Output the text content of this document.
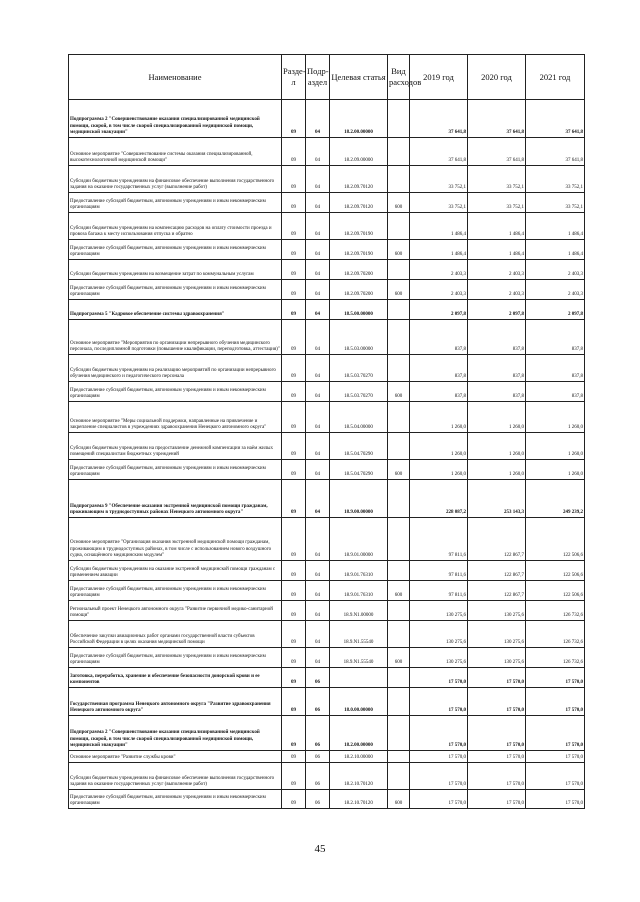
Наименование	Раздел	Подраздел	Целевая статья	Вид расходов	2019 год	2020 год	2021 год
Подпрограмма 2 "Совершенствование оказания специализированной медицинской помощи, скорой, в том числе скорой специализированной медицинской помощи, медицинской эвакуации"	09	04	18.2.00.00000		37 641,8	37 641,8	37 641,8
Основное мероприятие "Совершенствование системы оказания специализированной, высокотехнологичной медицинской помощи"	09	04	18.2.09.00000		37 641,8	37 641,8	37 641,8
Субсидии бюджетным учреждениям на финансовое обеспечение выполнения государственного задания на оказание государственных услуг (выполнение работ)	09	04	18.2.09.70120		33 752,1	33 752,1	33 752,1
Предоставление субсидий бюджетным, автономным учреждениям и иным некоммерческим организациям	09	04	18.2.09.70120	600	33 752,1	33 752,1	33 752,1
Субсидии бюджетным учреждениям на компенсацию расходов на оплату стоимости проезда и провоза багажа к месту использования отпуска и обратно	09	04	18.2.09.70190		1 486,4	1 486,4	1 486,4
Предоставление субсидий бюджетным, автономным учреждениям и иным некоммерческим организациям	09	04	18.2.09.70190	600	1 486,4	1 486,4	1 486,4
Субсидии бюджетным учреждениям на возмещение затрат по коммунальным услугам	09	04	18.2.09.70200		2 403,3	2 403,3	2 403,3
Предоставление субсидий бюджетным, автономным учреждениям и иным некоммерческим организациям	09	04	18.2.09.70200	600	2 403,3	2 403,3	2 403,3
Подпрограмма 5 "Кадровое обеспечение системы здравоохранения"	09	04	18.5.00.00000		2 097,8	2 097,8	2 097,8
Основное мероприятие "Мероприятия по организации непрерывного обучения медицинского персонала, последипломной подготовки (повышение квалификации, переподготовка, аттестация)"	09	04	18.5.03.00000		837,8	837,8	837,8
Субсидии бюджетным учреждениям на реализацию мероприятий по организации непрерывного обучения медицинского и педагогического персонала	09	04	18.5.03.70270		837,8	837,8	837,8
Предоставление субсидий бюджетным, автономным учреждениям и иным некоммерческим организациям	09	04	18.5.03.70270	600	837,8	837,8	837,8
Основное мероприятие "Меры социальной поддержки, направленные на привлечение и закрепление специалистов в учреждениях здравоохранения Ненецкого автономного округа"	09	04	18.5.04.00000		1 260,0	1 260,0	1 260,0
Субсидии бюджетным учреждениям на предоставление денежной компенсации за наём жилых помещений специалистам бюджетных учреждений	09	04	18.5.04.70290		1 260,0	1 260,0	1 260,0
Предоставление субсидий бюджетным, автономным учреждениям и иным некоммерческим организациям	09	04	18.5.04.70290	600	1 260,0	1 260,0	1 260,0
Подпрограмма 9 "Обеспечение оказания экстренной медицинской помощи гражданам, проживающим в труднодоступных районах Ненецкого автономного округа"	09	04	18.9.00.00000		228 087,2	253 143,3	249 239,2
Основное мероприятие "Организация оказания экстренной медицинской помощи гражданам, проживающим в труднодоступных районах, в том числе с использованием нового воздушного судна, оснащённого медицинским модулем"	09	04	18.9.01.00000		97 811,6	122 867,7	122 506,6
Субсидии бюджетным учреждениям на оказание экстренной медицинской помощи гражданам с применением авиации	09	04	18.9.01.76310		97 811,6	122 867,7	122 506,6
Предоставление субсидий бюджетным, автономным учреждениям и иным некоммерческим организациям	09	04	18.9.01.76310	600	97 811,6	122 867,7	122 506,6
Региональный проект Ненецкого автономного округа "Развитие первичной медико-санитарной помощи"	09	04	18.9.N1.00000		130 275,6	130 275,6	126 732,6
Обеспечение закупки авиационных работ органами государственной власти субъектов Российской Федерации в целях оказания медицинской помощи	09	04	18.9.N1.55540		130 275,6	130 275,6	126 732,6
Предоставление субсидий бюджетным, автономным учреждениям и иным некоммерческим организациям	09	04	18.9.N1.55540	600	130 275,6	130 275,6	126 732,6
Заготовка, переработка, хранение и обеспечение безопасности донорской крови и ее компонентов	09	06			17 570,0	17 570,0	17 570,0
Государственная программа Ненецкого автономного округа "Развитие здравоохранения Ненецкого автономного округа"	09	06	18.0.00.00000		17 570,0	17 570,0	17 570,0
Подпрограмма 2 "Совершенствование оказания специализированной медицинской помощи, скорой, в том числе скорой специализированной медицинской помощи, медицинской эвакуации"	09	06	18.2.00.00000		17 570,0	17 570,0	17 570,0
Основное мероприятие "Развитие службы крови"	09	06	18.2.10.00000		17 570,0	17 570,0	17 570,0
Субсидии бюджетным учреждениям на финансовое обеспечение выполнения государственного задания на оказание государственных услуг (выполнение работ)	09	06	18.2.10.70120		17 570,0	17 570,0	17 570,0
Предоставление субсидий бюджетным, автономным учреждениям и иным некоммерческим организациям	09	06	18.2.10.70120	600	17 570,0	17 570,0	17 570,0
45
